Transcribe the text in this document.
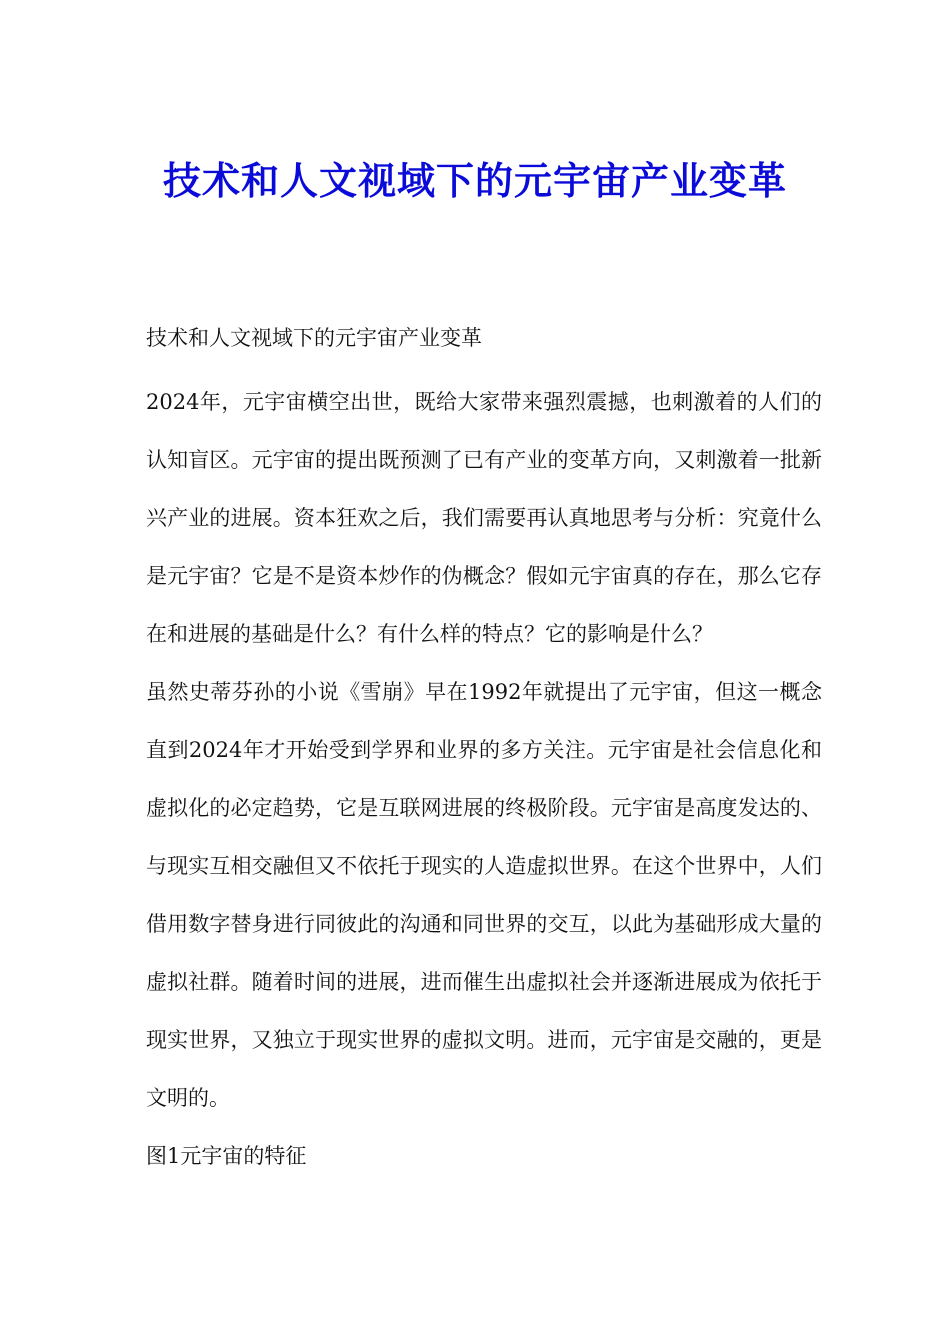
技术和人文视域下的元宇宙产业变革

技术和人文视域下的元宇宙产业变革

2024年，元宇宙横空出世，既给大家带来强烈震撼，也刺激着的人们的认知盲区。元宇宙的提出既预测了已有产业的变革方向，又刺激着一批新兴产业的进展。资本狂欢之后，我们需要再认真地思考与分析：究竟什么是元宇宙？它是不是资本炒作的伪概念？假如元宇宙真的存在，那么它存在和进展的基础是什么？有什么样的特点？它的影响是什么？

虽然史蒂芬孙的小说《雪崩》早在1992年就提出了元宇宙，但这一概念直到2024年才开始受到学界和业界的多方关注。元宇宙是社会信息化和虚拟化的必定趋势，它是互联网进展的终极阶段。元宇宙是高度发达的、与现实互相交融但又不依托于现实的人造虚拟世界。在这个世界中，人们借用数字替身进行同彼此的沟通和同世界的交互，以此为基础形成大量的虚拟社群。随着时间的进展，进而催生出虚拟社会并逐渐进展成为依托于现实世界，又独立于现实世界的虚拟文明。进而，元宇宙是交融的，更是文明的。

图1元宇宙的特征
